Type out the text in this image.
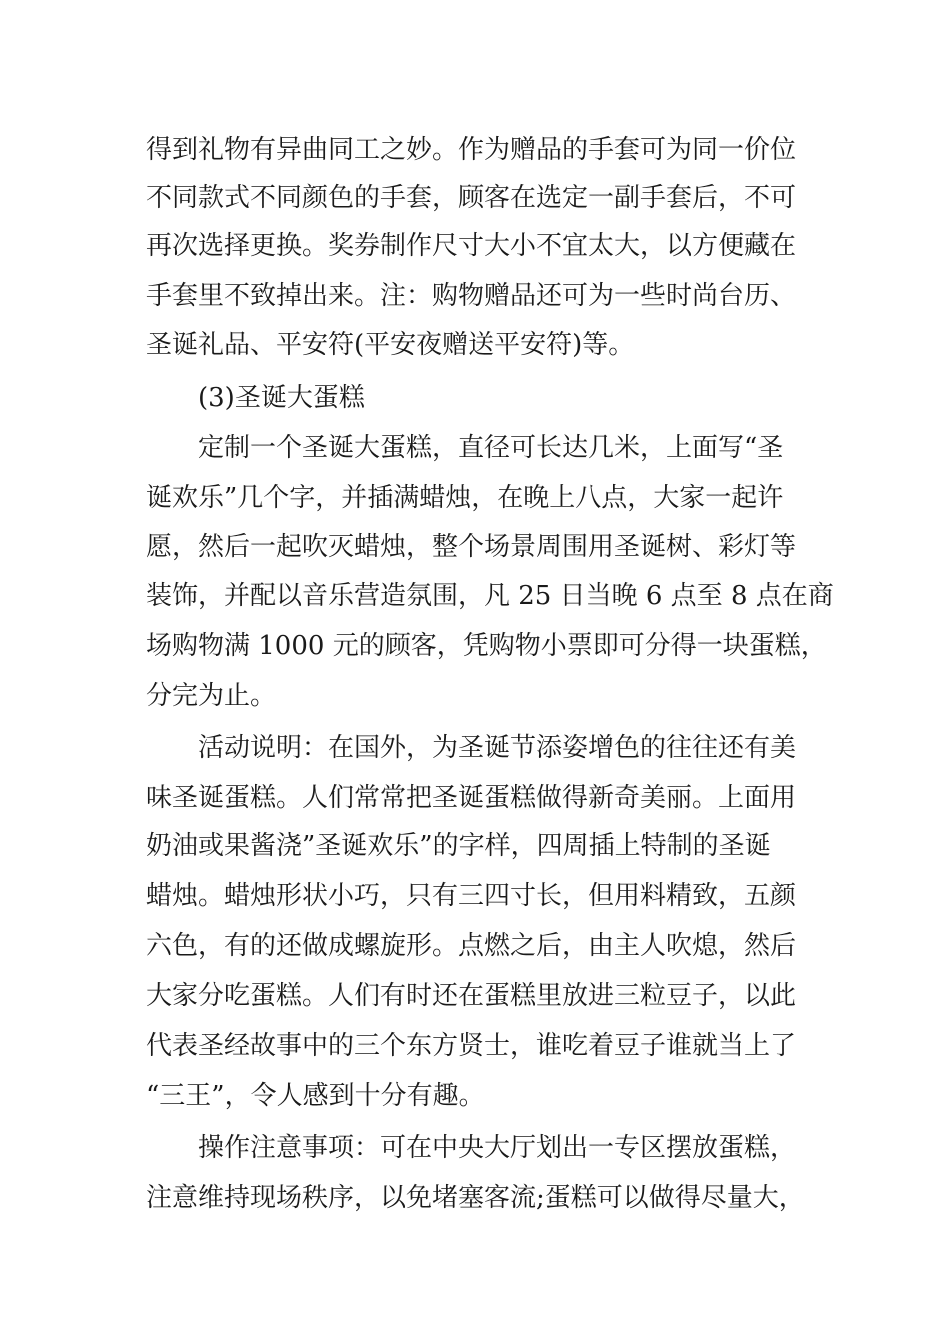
得到礼物有异曲同工之妙。作为赠品的手套可为同一价位
不同款式不同颜色的手套，顾客在选定一副手套后，不可
再次选择更换。奖券制作尺寸大小不宜太大，以方便藏在
手套里不致掉出来。注：购物赠品还可为一些时尚台历、
圣诞礼品、平安符(平安夜赠送平安符)等。
(3)圣诞大蛋糕
定制一个圣诞大蛋糕，直径可长达几米，上面写“圣
诞欢乐”几个字，并插满蜡烛，在晚上八点，大家一起许
愿，然后一起吹灭蜡烛，整个场景周围用圣诞树、彩灯等
装饰，并配以音乐营造氛围，凡 25 日当晚 6 点至 8 点在商
场购物满 1000 元的顾客，凭购物小票即可分得一块蛋糕，
分完为止。
活动说明：在国外，为圣诞节添姿增色的往往还有美
味圣诞蛋糕。人们常常把圣诞蛋糕做得新奇美丽。上面用
奶油或果酱浇”圣诞欢乐”的字样，四周插上特制的圣诞
蜡烛。蜡烛形状小巧，只有三四寸长，但用料精致，五颜
六色，有的还做成螺旋形。点燃之后，由主人吹熄，然后
大家分吃蛋糕。人们有时还在蛋糕里放进三粒豆子，以此
代表圣经故事中的三个东方贤士，谁吃着豆子谁就当上了
“三王”，令人感到十分有趣。
操作注意事项：可在中央大厅划出一专区摆放蛋糕，
注意维持现场秩序，以免堵塞客流;蛋糕可以做得尽量大，
